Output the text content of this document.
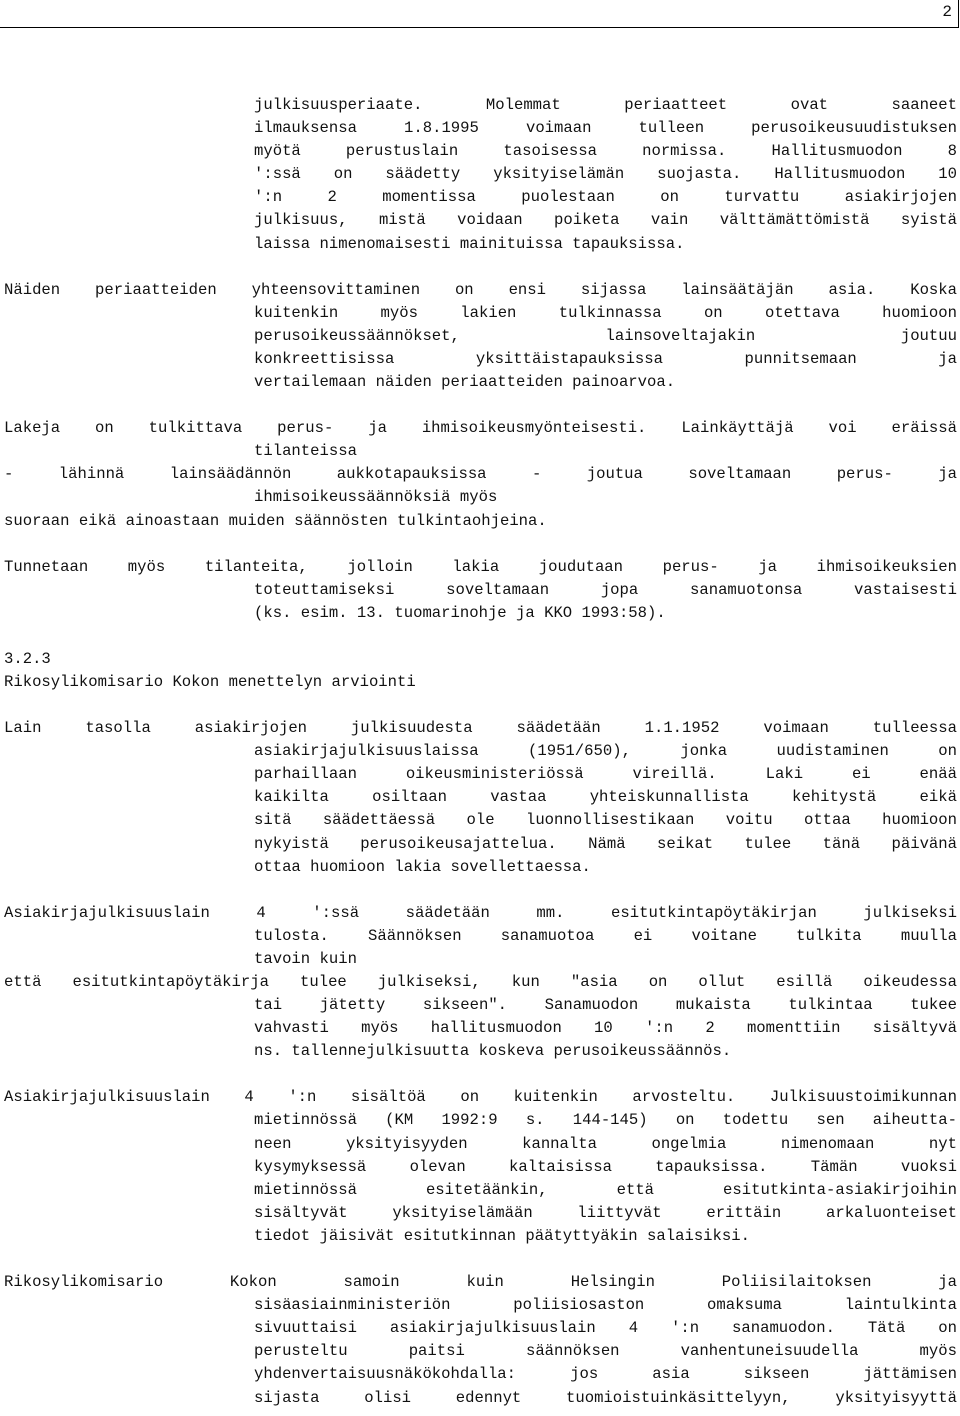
2
julkisuusperiaate. Molemmat periaatteet ovat saaneet
ilmauksensa 1.8.1995 voimaan tulleen perusoikeusuudistuksen
myötä perustuslain tasoisessa normissa. Hallitusmuodon 8
':ssä on säädetty yksityiselämän suojasta. Hallitusmuodon 10
':n 2 momentissa puolestaan on turvattu asiakirjojen
julkisuus, mistä voidaan poiketa vain välttämättömistä syistä
laissa nimenomaisesti mainituissa tapauksissa.
Näiden periaatteiden yhteensovittaminen on ensi sijassa lainsäätäjän asia. Koska
kuitenkin myös lakien tulkinnassa on otettava huomioon
perusoikeussäännökset, lainsoveltajakin joutuu
konkreettisissa yksittäistapauksissa punnitsemaan ja
vertailemaan näiden periaatteiden painoarvoa.
Lakeja on tulkittava perus- ja ihmisoikeusmyönteisesti. Lainkäyttäjä voi eräissä
tilanteissa
- lähinnä lainsäädännön aukkotapauksissa - joutua soveltamaan perus- ja
ihmisoikeussäännöksiä myös
suoraan eikä ainoastaan muiden säännösten tulkintaohjeina.
Tunnetaan myös tilanteita, jolloin lakia joudutaan perus- ja ihmisoikeuksien
toteuttamiseksi soveltamaan jopa sanamuotonsa vastaisesti
(ks. esim. 13. tuomarinohje ja KKO 1993:58).
3.2.3
Rikosylikomisario Kokon menettelyn arviointi
Lain tasolla asiakirjojen julkisuudesta säädetään 1.1.1952 voimaan tulleessa
asiakirjajulkisuuslaissa (1951/650), jonka uudistaminen on
parhaillaan oikeusministeriössä vireillä. Laki ei enää
kaikilta osiltaan vastaa yhteiskunnallista kehitystä eikä
sitä säädettäessä ole luonnollisestikaan voitu ottaa huomioon
nykyistä perusoikeusajattelua. Nämä seikat tulee tänä päivänä
ottaa huomioon lakia sovellettaessa.
Asiakirjajulkisuuslain 4 ':ssä säädetään mm. esitutkintapöytäkirjan julkiseksi
tulosta. Säännöksen sanamuotoa ei voitane tulkita muulla
tavoin kuin
että esitutkintapöytäkirja tulee julkiseksi, kun "asia on ollut esillä oikeudessa
tai jätetty sikseen". Sanamuodon mukaista tulkintaa tukee
vahvasti myös hallitusmuodon 10 ':n 2 momenttiin sisältyvä
ns. tallennejulkisuutta koskeva perusoikeussäännös.
Asiakirjajulkisuuslain 4 ':n sisältöä on kuitenkin arvosteltu. Julkisuustoimikunnan
mietinnössä (KM 1992:9 s. 144-145) on todettu sen aiheutta-
neen yksityisyyden kannalta ongelmia nimenomaan nyt
kysymyksessä olevan kaltaisissa tapauksissa. Tämän vuoksi
mietinnössä esitetäänkin, että esitutkinta-asiakirjoihin
sisältyvät yksityiselämään liittyvät erittäin arkaluonteiset
tiedot jäisivät esitutkinnan päätyttyäkin salaisiksi.
Rikosylikomisario Kokon samoin kuin Helsingin Poliisilaitoksen ja
sisäasiainministeriön poliisiosaston omaksuma laintulkinta
sivuuttaisi asiakirjajulkisuuslain 4 ':n sanamuodon. Tätä on
perusteltu paitsi säännöksen vanhentuneisuudella myös
yhdenvertaisuusnäkökohdalla: jos asia sikseen jättämisen
sijasta olisi edennyt tuomioistuinkäsittelyyn, yksityisyyttä
